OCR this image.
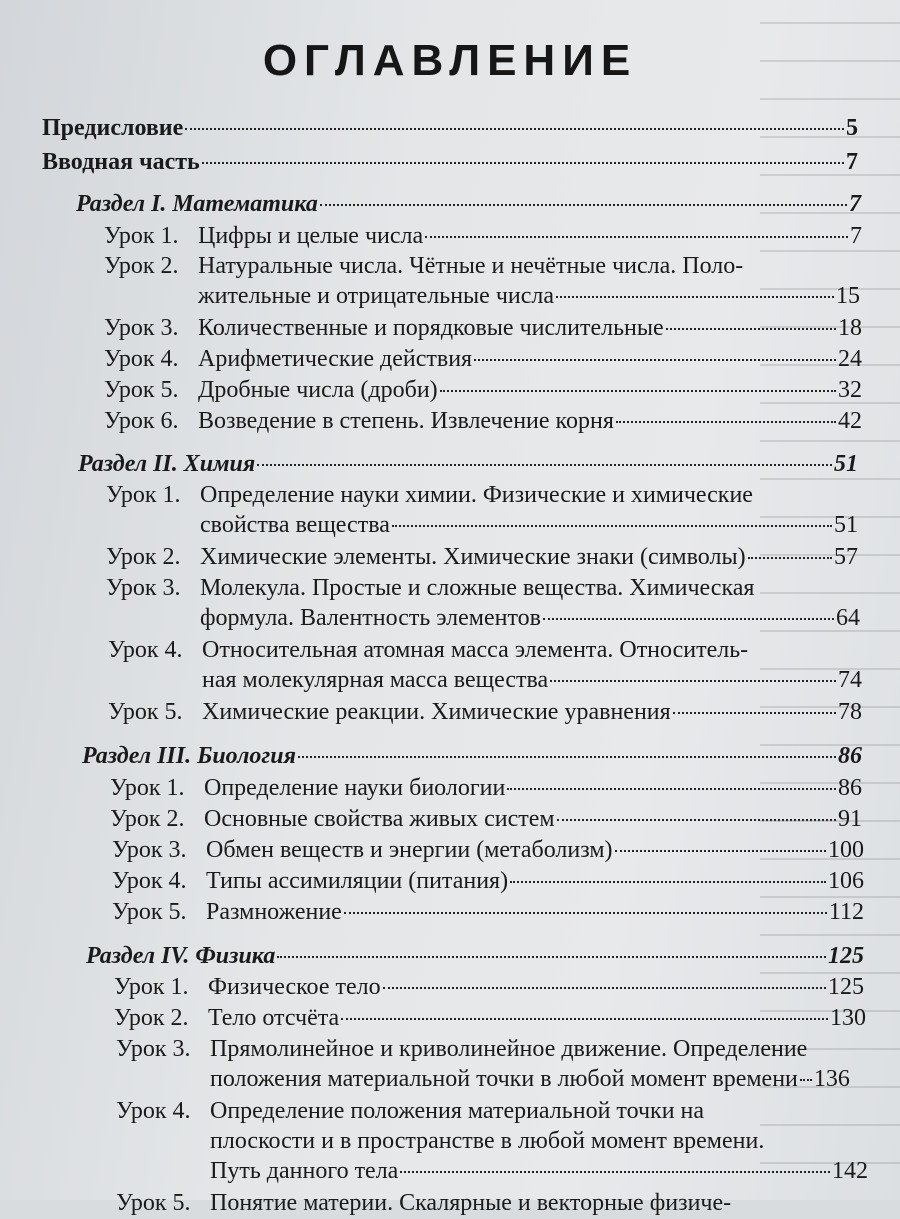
ОГЛАВЛЕНИЕ
Предисловие	5
Вводная часть	7
Раздел I. Математика	7
Урок 1. Цифры и целые числа	7
Урок 2. Натуральные числа. Чётные и нечётные числа. Поло-
жительные и отрицательные числа	15
Урок 3. Количественные и порядковые числительные	18
Урок 4. Арифметические действия	24
Урок 5. Дробные числа (дроби)	32
Урок 6. Возведение в степень. Извлечение корня	42
Раздел II. Химия	51
Урок 1. Определение науки химии. Физические и химические
свойства вещества	51
Урок 2. Химические элементы. Химические знаки (символы)	57
Урок 3. Молекула. Простые и сложные вещества. Химическая
формула. Валентность элементов	64
Урок 4. Относительная атомная масса элемента. Относитель-
ная молекулярная масса вещества	74
Урок 5. Химические реакции. Химические уравнения	78
Раздел III. Биология	86
Урок 1. Определение науки биологии	86
Урок 2. Основные свойства живых систем	91
Урок 3. Обмен веществ и энергии (метаболизм)	100
Урок 4. Типы ассимиляции (питания)	106
Урок 5. Размножение	112
Раздел IV. Физика	125
Урок 1. Физическое тело	125
Урок 2. Тело отсчёта	130
Урок 3. Прямолинейное и криволинейное движение. Определение
положения материальной точки в любой момент времени 136
Урок 4. Определение положения материальной точки на
плоскости и в пространстве в любой момент времени.
Путь данного тела	142
Урок 5. Понятие материи. Скалярные и векторные физиче-
